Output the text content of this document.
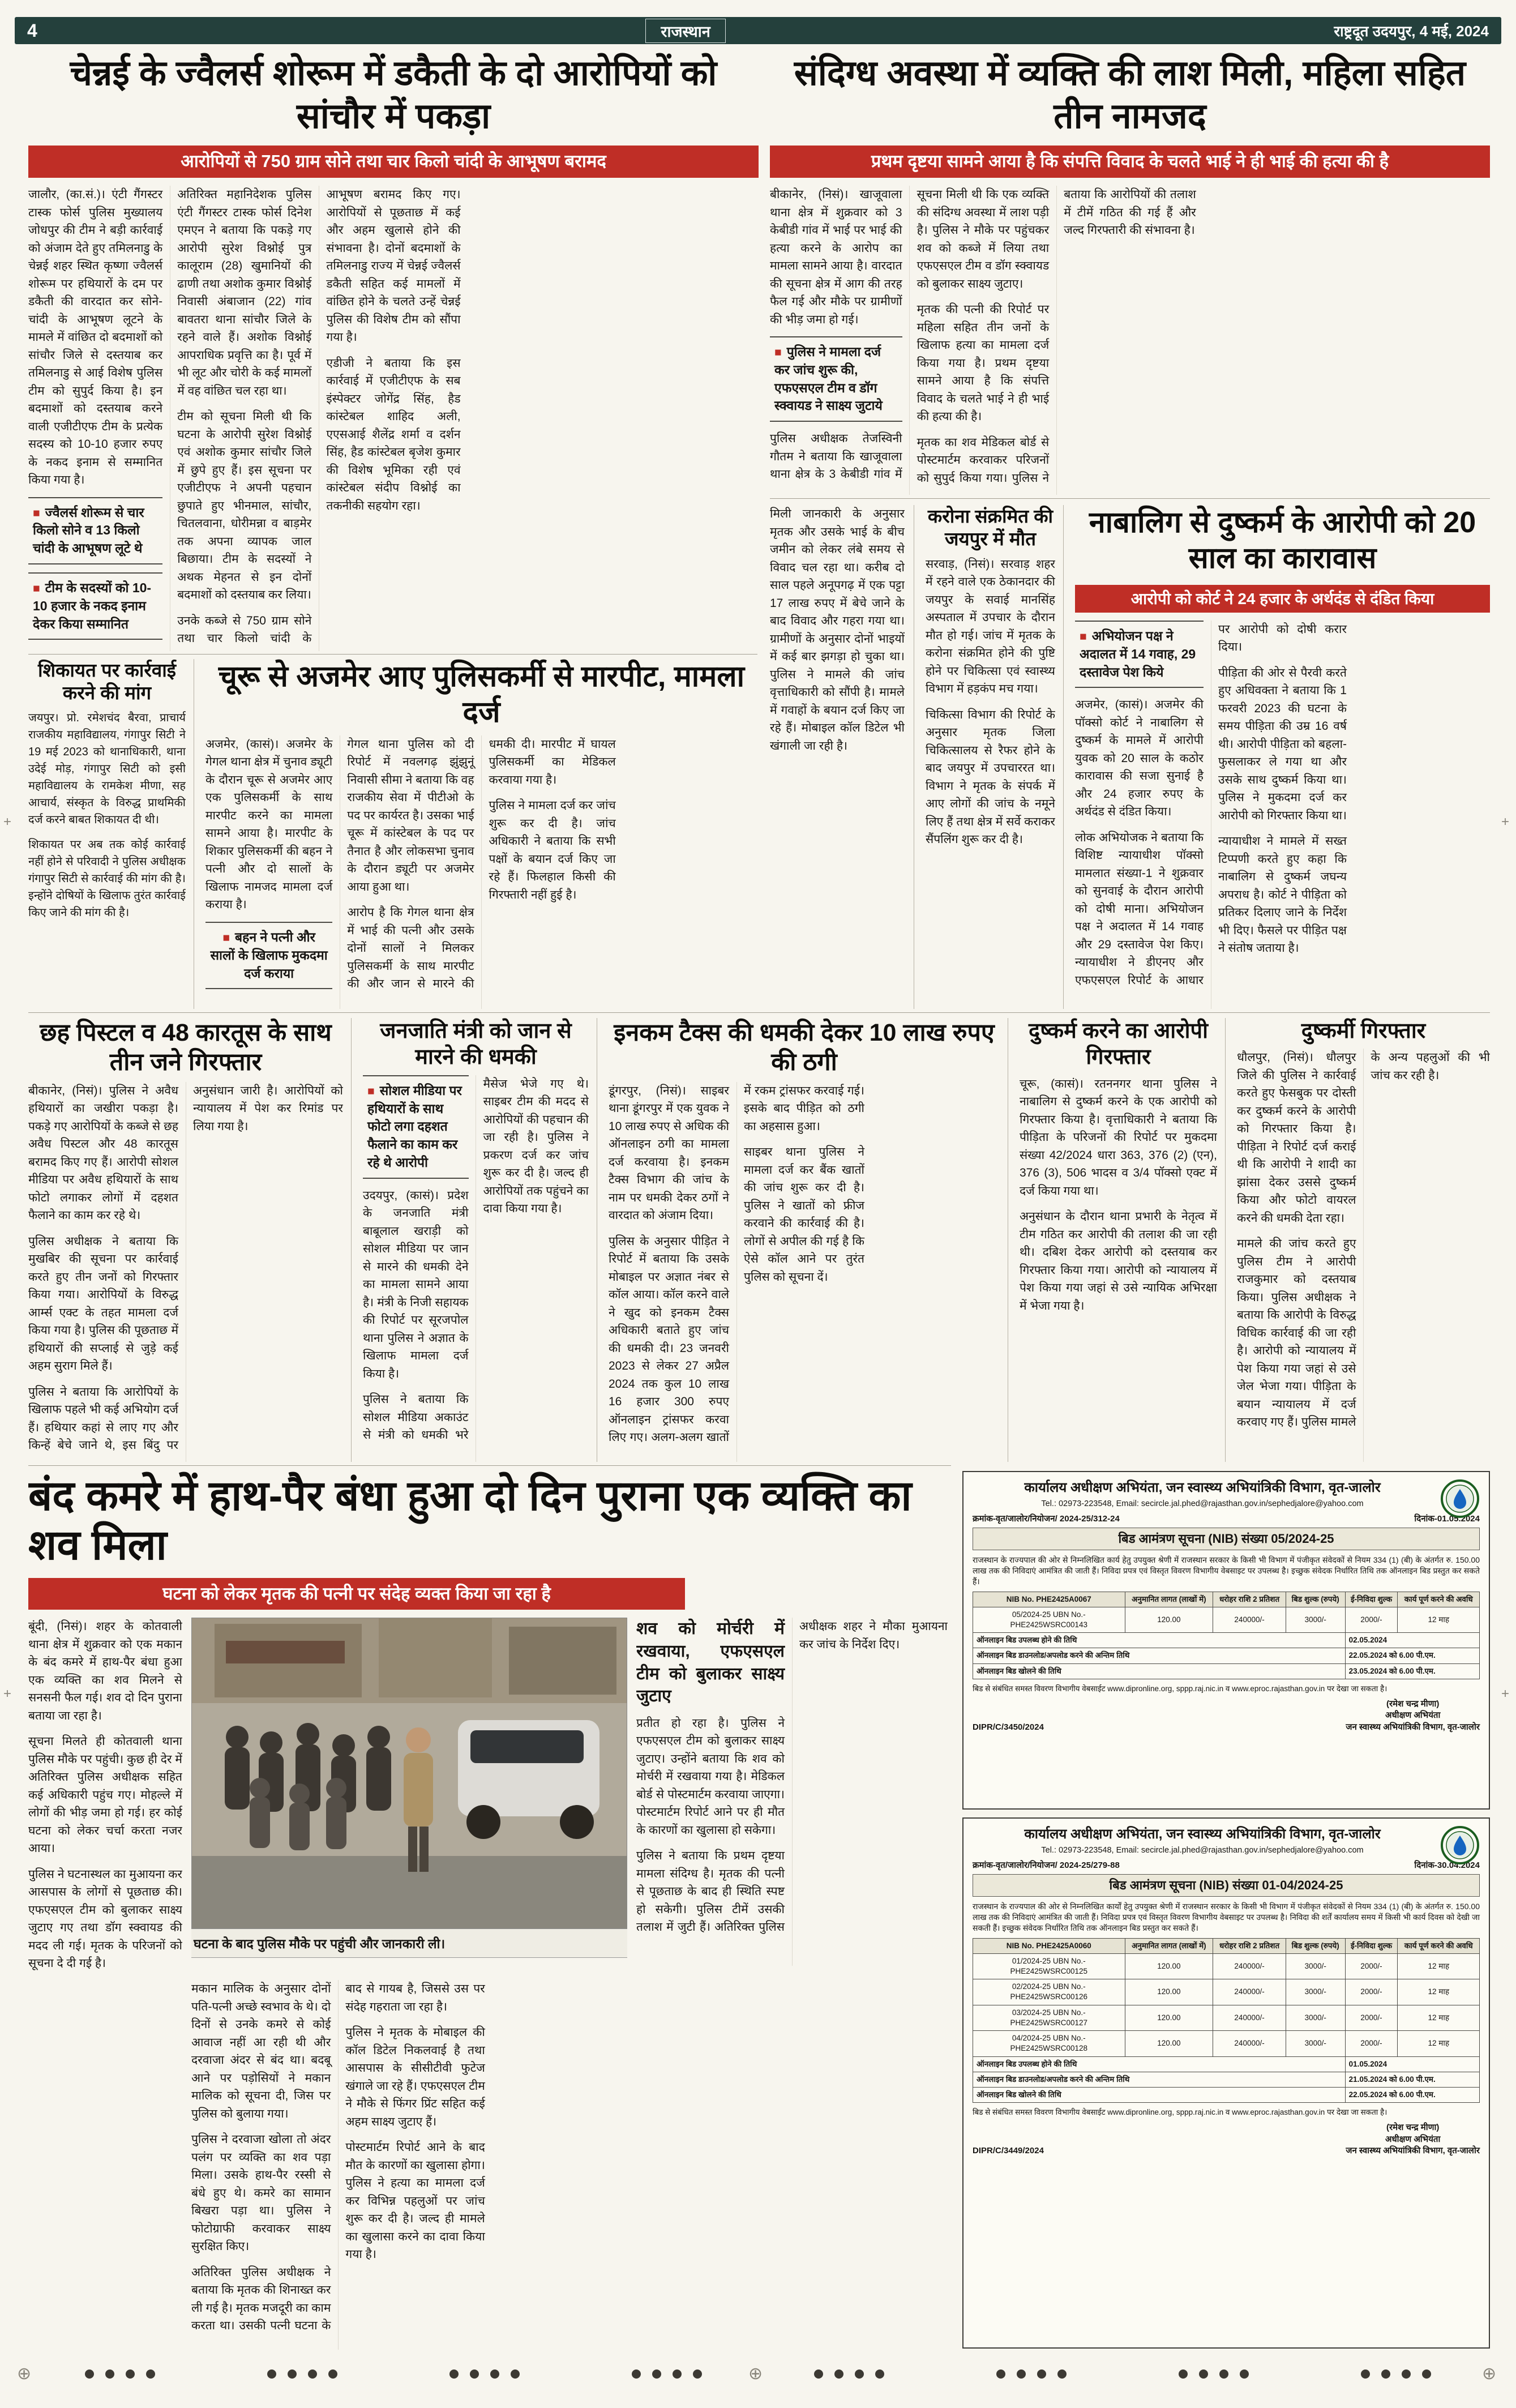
4	राजस्थान	राष्ट्रदूत उदयपुर, 4 मई, 2024
चेन्नई के ज्वैलर्स शोरूम में डकैती के दो आरोपियों को सांचौर में पकड़ा
आरोपियों से 750 ग्राम सोने तथा चार किलो चांदी के आभूषण बरामद

जालौर, (का.सं.)। एंटी गैंगस्टर टास्क फोर्स पुलिस मुख्यालय जोधपुर की टीम ने बड़ी कार्रवाई को अंजाम देते हुए तमिलनाडु के चेन्नई शहर स्थित कृष्णा ज्वैलर्स शोरूम पर हथियारों के दम पर डकैती की वारदात कर सोने-चांदी के आभूषण लूटने के मामले में वांछित दो बदमाशों को सांचौर जिले से दस्तयाब कर तमिलनाडु से आई विशेष पुलिस टीम को सुपुर्द किया है। इन बदमाशों को दस्तयाब करने वाली एजीटीएफ टीम के प्रत्येक सदस्य को 10-10 हजार रुपए के नकद इनाम से सम्मानित किया गया है।

■ ज्वैलर्स शोरूम से चार किलो सोने व 13 किलो चांदी के आभूषण लूटे थे
■ टीम के सदस्यों को 10-10 हजार के नकद इनाम देकर किया सम्मानित

अतिरिक्त महानिदेशक पुलिस एंटी गैंगस्टर टास्क फोर्स दिनेश एमएन ने बताया कि पकड़े गए आरोपी सुरेश विश्नोई पुत्र कालूराम (28) खुमानियों की ढाणी तथा अशोक कुमार विश्नोई निवासी अंबाजान (22) गांव बावतरा थाना सांचौर जिले के रहने वाले हैं। अशोक विश्नोई आपराधिक प्रवृत्ति का है। पूर्व में भी लूट और चोरी के कई मामलों में वह वांछित चल रहा था।

टीम को सूचना मिली थी कि घटना के आरोपी सुरेश विश्नोई एवं अशोक कुमार सांचौर जिले में छुपे हुए हैं। इस सूचना पर एजीटीएफ ने अपनी पहचान छुपाते हुए भीनमाल, सांचौर, चितलवाना, धोरीमन्ना व बाड़मेर तक अपना व्यापक जाल बिछाया। टीम के सदस्यों ने अथक मेहनत से इन दोनों बदमाशों को दस्तयाब कर लिया।

उनके कब्जे से 750 ग्राम सोने तथा चार किलो चांदी के आभूषण बरामद किए गए। आरोपियों से पूछताछ में कई और अहम खुलासे होने की संभावना है। दोनों बदमाशों के तमिलनाडु राज्य में चेन्नई ज्वैलर्स डकैती सहित कई मामलों में वांछित होने के चलते उन्हें चेन्नई पुलिस की विशेष टीम को सौंपा गया है।

एडीजी ने बताया कि इस कार्रवाई में एजीटीएफ के सब इंस्पेक्टर जोगेंद्र सिंह, हैड कांस्टेबल शाहिद अली, एएसआई शैलेंद्र शर्मा व दर्शन सिंह, हैड कांस्टेबल बृजेश कुमार की विशेष भूमिका रही एवं कांस्टेबल संदीप विश्नोई का तकनीकी सहयोग रहा।

संदिग्ध अवस्था में व्यक्ति की लाश मिली, महिला सहित तीन नामजद
प्रथम दृष्टया सामने आया है कि संपत्ति विवाद के चलते भाई ने ही भाई की हत्या की है

बीकानेर, (निसं)। खाजूवाला थाना क्षेत्र में शुक्रवार को 3 केबीडी गांव में भाई पर भाई की हत्या करने के आरोप का मामला सामने आया है। वारदात की सूचना क्षेत्र में आग की तरह फैल गई और मौके पर ग्रामीणों की भीड़ जमा हो गई।

■ पुलिस ने मामला दर्ज कर जांच शुरू की, एफएसएल टीम व डॉग स्क्वायड ने साक्ष्य जुटाये

पुलिस अधीक्षक तेजस्विनी गौतम ने बताया कि खाजूवाला थाना क्षेत्र के 3 केबीडी गांव में सूचना मिली थी कि एक व्यक्ति की संदिग्ध अवस्था में लाश पड़ी है। पुलिस ने मौके पर पहुंचकर शव को कब्जे में लिया तथा एफएसएल टीम व डॉग स्क्वायड को बुलाकर साक्ष्य जुटाए।

मृतक की पत्नी की रिपोर्ट पर महिला सहित तीन जनों के खिलाफ हत्या का मामला दर्ज किया गया है। प्रथम दृष्टया सामने आया है कि संपत्ति विवाद के चलते भाई ने ही भाई की हत्या की है।

मृतक का शव मेडिकल बोर्ड से पोस्टमार्टम करवाकर परिजनों को सुपुर्द किया गया। पुलिस ने बताया कि आरोपियों की तलाश में टीमें गठित की गई हैं और जल्द गिरफ्तारी की संभावना है।

मिली जानकारी के अनुसार मृतक और उसके भाई के बीच जमीन को लेकर लंबे समय से विवाद चल रहा था। करीब दो साल पहले अनूपगढ़ में एक पट्टा 17 लाख रुपए में बेचे जाने के बाद विवाद और गहरा गया था। ग्रामीणों के अनुसार दोनों भाइयों में कई बार झगड़ा हो चुका था। पुलिस ने मामले की जांच वृत्ताधिकारी को सौंपी है। मामले में गवाहों के बयान दर्ज किए जा रहे हैं। मोबाइल कॉल डिटेल भी खंगाली जा रही है।

करोना संक्रमित की जयपुर में मौत

सरवाड़, (निसं)। सरवाड़ शहर में रहने वाले एक ठेकानदार की जयपुर के सवाई मानसिंह अस्पताल में उपचार के दौरान मौत हो गई। जांच में मृतक के करोना संक्रमित होने की पुष्टि होने पर चिकित्सा एवं स्वास्थ्य विभाग में हड़कंप मच गया।

चिकित्सा विभाग की रिपोर्ट के अनुसार मृतक जिला चिकित्सालय से रैफर होने के बाद जयपुर में उपचाररत था। विभाग ने मृतक के संपर्क में आए लोगों की जांच के नमूने लिए हैं तथा क्षेत्र में सर्वे कराकर सैंपलिंग शुरू कर दी है।

नाबालिग से दुष्कर्म के आरोपी को 20 साल का कारावास
आरोपी को कोर्ट ने 24 हजार के अर्थदंड से दंडित किया
■ अभियोजन पक्ष ने अदालत में 14 गवाह, 29 दस्तावेज पेश किये

अजमेर, (कासं)। अजमेर की पॉक्सो कोर्ट ने नाबालिग से दुष्कर्म के मामले में आरोपी युवक को 20 साल के कठोर कारावास की सजा सुनाई है और 24 हजार रुपए के अर्थदंड से दंडित किया।

लोक अभियोजक ने बताया कि विशिष्ट न्यायाधीश पॉक्सो मामलात संख्या-1 ने शुक्रवार को सुनवाई के दौरान आरोपी को दोषी माना। अभियोजन पक्ष ने अदालत में 14 गवाह और 29 दस्तावेज पेश किए। न्यायाधीश ने डीएनए और एफएसएल रिपोर्ट के आधार पर आरोपी को दोषी करार दिया।

पीड़िता की ओर से पैरवी करते हुए अधिवक्ता ने बताया कि 1 फरवरी 2023 की घटना के समय पीड़िता की उम्र 16 वर्ष थी। आरोपी पीड़िता को बहला-फुसलाकर ले गया था और उसके साथ दुष्कर्म किया था। पुलिस ने मुकदमा दर्ज कर आरोपी को गिरफ्तार किया था।

न्यायाधीश ने मामले में सख्त टिप्पणी करते हुए कहा कि नाबालिग से दुष्कर्म जघन्य अपराध है। कोर्ट ने पीड़िता को प्रतिकर दिलाए जाने के निर्देश भी दिए। फैसले पर पीड़ित पक्ष ने संतोष जताया है।

शिकायत पर कार्रवाई करने की मांग

जयपुर। प्रो. रमेशचंद बैरवा, प्राचार्य राजकीय महाविद्यालय, गंगापुर सिटी ने 19 मई 2023 को थानाधिकारी, थाना उदेई मोड़, गंगापुर सिटी को इसी महाविद्यालय के रामकेश मीणा, सह आचार्य, संस्कृत के विरुद्ध प्राथमिकी दर्ज करने बाबत शिकायत दी थी।

शिकायत पर अब तक कोई कार्रवाई नहीं होने से परिवादी ने पुलिस अधीक्षक गंगापुर सिटी से कार्रवाई की मांग की है। इन्होंने दोषियों के खिलाफ तुरंत कार्रवाई किए जाने की मांग की है।

चूरू से अजमेर आए पुलिसकर्मी से मारपीट, मामला दर्ज

अजमेर, (कासं)। अजमेर के गेगल थाना क्षेत्र में चुनाव ड्यूटी के दौरान चूरू से अजमेर आए एक पुलिसकर्मी के साथ मारपीट करने का मामला सामने आया है। मारपीट के शिकार पुलिसकर्मी की बहन ने पत्नी और दो सालों के खिलाफ नामजद मामला दर्ज कराया है।

■ बहन ने पत्नी और सालों के खिलाफ मुकदमा दर्ज कराया

गेगल थाना पुलिस को दी रिपोर्ट में नवलगढ़ झुंझुनूं निवासी सीमा ने बताया कि वह राजकीय सेवा में पीटीओ के पद पर कार्यरत है। उसका भाई चूरू में कांस्टेबल के पद पर तैनात है और लोकसभा चुनाव के दौरान ड्यूटी पर अजमेर आया हुआ था।

आरोप है कि गेगल थाना क्षेत्र में भाई की पत्नी और उसके दोनों सालों ने मिलकर पुलिसकर्मी के साथ मारपीट की और जान से मारने की धमकी दी। मारपीट में घायल पुलिसकर्मी का मेडिकल करवाया गया है।

पुलिस ने मामला दर्ज कर जांच शुरू कर दी है। जांच अधिकारी ने बताया कि सभी पक्षों के बयान दर्ज किए जा रहे हैं। फिलहाल किसी की गिरफ्तारी नहीं हुई है।

छह पिस्टल व 48 कारतूस के साथ तीन जने गिरफ्तार

बीकानेर, (निसं)। पुलिस ने अवैध हथियारों का जखीरा पकड़ा है। पकड़े गए आरोपियों के कब्जे से छह अवैध पिस्टल और 48 कारतूस बरामद किए गए हैं। आरोपी सोशल मीडिया पर अवैध हथियारों के साथ फोटो लगाकर लोगों में दहशत फैलाने का काम कर रहे थे।

पुलिस अधीक्षक ने बताया कि मुखबिर की सूचना पर कार्रवाई करते हुए तीन जनों को गिरफ्तार किया गया। आरोपियों के विरुद्ध आर्म्स एक्ट के तहत मामला दर्ज किया गया है। पुलिस की पूछताछ में हथियारों की सप्लाई से जुड़े कई अहम सुराग मिले हैं।

पुलिस ने बताया कि आरोपियों के खिलाफ पहले भी कई अभियोग दर्ज हैं। हथियार कहां से लाए गए और किन्हें बेचे जाने थे, इस बिंदु पर अनुसंधान जारी है। आरोपियों को न्यायालय में पेश कर रिमांड पर लिया गया है।

जनजाति मंत्री को जान से मारने की धमकी
■ सोशल मीडिया पर हथियारों के साथ फोटो लगा दहशत फैलाने का काम कर रहे थे आरोपी

उदयपुर, (कासं)। प्रदेश के जनजाति मंत्री बाबूलाल खराड़ी को सोशल मीडिया पर जान से मारने की धमकी देने का मामला सामने आया है। मंत्री के निजी सहायक की रिपोर्ट पर सूरजपोल थाना पुलिस ने अज्ञात के खिलाफ मामला दर्ज किया है।

पुलिस ने बताया कि सोशल मीडिया अकाउंट से मंत्री को धमकी भरे मैसेज भेजे गए थे। साइबर टीम की मदद से आरोपियों की पहचान की जा रही है। पुलिस ने प्रकरण दर्ज कर जांच शुरू कर दी है। जल्द ही आरोपियों तक पहुंचने का दावा किया गया है।

इनकम टैक्स की धमकी देकर 10 लाख रुपए की ठगी

डूंगरपुर, (निसं)। साइबर थाना डूंगरपुर में एक युवक ने 10 लाख रुपए से अधिक की ऑनलाइन ठगी का मामला दर्ज करवाया है। इनकम टैक्स विभाग की जांच के नाम पर धमकी देकर ठगों ने वारदात को अंजाम दिया।

पुलिस के अनुसार पीड़ित ने रिपोर्ट में बताया कि उसके मोबाइल पर अज्ञात नंबर से कॉल आया। कॉल करने वाले ने खुद को इनकम टैक्स अधिकारी बताते हुए जांच की धमकी दी। 23 जनवरी 2023 से लेकर 27 अप्रैल 2024 तक कुल 10 लाख 16 हजार 300 रुपए ऑनलाइन ट्रांसफर करवा लिए गए। अलग-अलग खातों में रकम ट्रांसफर करवाई गई। इसके बाद पीड़ित को ठगी का अहसास हुआ।

साइबर थाना पुलिस ने मामला दर्ज कर बैंक खातों की जांच शुरू कर दी है। पुलिस ने खातों को फ्रीज करवाने की कार्रवाई की है। लोगों से अपील की गई है कि ऐसे कॉल आने पर तुरंत पुलिस को सूचना दें।

दुष्कर्म करने का आरोपी गिरफ्तार

चूरू, (कासं)। रतननगर थाना पुलिस ने नाबालिग से दुष्कर्म करने के एक आरोपी को गिरफ्तार किया है। वृत्ताधिकारी ने बताया कि पीड़िता के परिजनों की रिपोर्ट पर मुकदमा संख्या 42/2024 धारा 363, 376 (2) (एन), 376 (3), 506 भादस व 3/4 पॉक्सो एक्ट में दर्ज किया गया था।

अनुसंधान के दौरान थाना प्रभारी के नेतृत्व में टीम गठित कर आरोपी की तलाश की जा रही थी। दबिश देकर आरोपी को दस्तयाब कर गिरफ्तार किया गया। आरोपी को न्यायालय में पेश किया गया जहां से उसे न्यायिक अभिरक्षा में भेजा गया है।

दुष्कर्मी गिरफ्तार

धौलपुर, (निसं)। धौलपुर जिले की पुलिस ने कार्रवाई करते हुए फेसबुक पर दोस्ती कर दुष्कर्म करने के आरोपी को गिरफ्तार किया है। पीड़िता ने रिपोर्ट दर्ज कराई थी कि आरोपी ने शादी का झांसा देकर उससे दुष्कर्म किया और फोटो वायरल करने की धमकी देता रहा।

मामले की जांच करते हुए पुलिस टीम ने आरोपी राजकुमार को दस्तयाब किया। पुलिस अधीक्षक ने बताया कि आरोपी के विरुद्ध विधिक कार्रवाई की जा रही है। आरोपी को न्यायालय में पेश किया गया जहां से उसे जेल भेजा गया। पीड़िता के बयान न्यायालय में दर्ज करवाए गए हैं। पुलिस मामले के अन्य पहलुओं की भी जांच कर रही है।

बंद कमरे में हाथ-पैर बंधा हुआ दो दिन पुराना एक व्यक्ति का शव मिला
घटना को लेकर मृतक की पत्नी पर संदेह व्यक्त किया जा रहा है

बूंदी, (निसं)। शहर के कोतवाली थाना क्षेत्र में शुक्रवार को एक मकान के बंद कमरे में हाथ-पैर बंधा हुआ एक व्यक्ति का शव मिलने से सनसनी फैल गई। शव दो दिन पुराना बताया जा रहा है।

सूचना मिलते ही कोतवाली थाना पुलिस मौके पर पहुंची। कुछ ही देर में अतिरिक्त पुलिस अधीक्षक सहित कई अधिकारी पहुंच गए। मोहल्ले में लोगों की भीड़ जमा हो गई। हर कोई घटना को लेकर चर्चा करता नजर आया।

पुलिस ने घटनास्थल का मुआयना कर आसपास के लोगों से पूछताछ की। एफएसएल टीम को बुलाकर साक्ष्य जुटाए गए तथा डॉग स्क्वायड की मदद ली गई। मृतक के परिजनों को सूचना दे दी गई है।

घटना के बाद पुलिस मौके पर पहुंची और जानकारी ली।
शव को मोर्चरी में रखवाया, एफएसएल टीम को बुलाकर साक्ष्य जुटाए

प्रतीत हो रहा है। पुलिस ने एफएसएल टीम को बुलाकर साक्ष्य जुटाए। उन्होंने बताया कि शव को मोर्चरी में रखवाया गया है। मेडिकल बोर्ड से पोस्टमार्टम करवाया जाएगा। पोस्टमार्टम रिपोर्ट आने पर ही मौत के कारणों का खुलासा हो सकेगा।

पुलिस ने बताया कि प्रथम दृष्टया मामला संदिग्ध है। मृतक की पत्नी से पूछताछ के बाद ही स्थिति स्पष्ट हो सकेगी। पुलिस टीमें उसकी तलाश में जुटी हैं। अतिरिक्त पुलिस अधीक्षक शहर ने मौका मुआयना कर जांच के निर्देश दिए।

मकान मालिक के अनुसार दोनों पति-पत्नी अच्छे स्वभाव के थे। दो दिनों से उनके कमरे से कोई आवाज नहीं आ रही थी और दरवाजा अंदर से बंद था। बदबू आने पर पड़ोसियों ने मकान मालिक को सूचना दी, जिस पर पुलिस को बुलाया गया।

पुलिस ने दरवाजा खोला तो अंदर पलंग पर व्यक्ति का शव पड़ा मिला। उसके हाथ-पैर रस्सी से बंधे हुए थे। कमरे का सामान बिखरा पड़ा था। पुलिस ने फोटोग्राफी करवाकर साक्ष्य सुरक्षित किए।

अतिरिक्त पुलिस अधीक्षक ने बताया कि मृतक की शिनाख्त कर ली गई है। मृतक मजदूरी का काम करता था। उसकी पत्नी घटना के बाद से गायब है, जिससे उस पर संदेह गहराता जा रहा है।

पुलिस ने मृतक के मोबाइल की कॉल डिटेल निकलवाई है तथा आसपास के सीसीटीवी फुटेज खंगाले जा रहे हैं। एफएसएल टीम ने मौके से फिंगर प्रिंट सहित कई अहम साक्ष्य जुटाए हैं।

पोस्टमार्टम रिपोर्ट आने के बाद मौत के कारणों का खुलासा होगा। पुलिस ने हत्या का मामला दर्ज कर विभिन्न पहलुओं पर जांच शुरू कर दी है। जल्द ही मामले का खुलासा करने का दावा किया गया है।

कार्यालय अधीक्षण अभियंता, जन स्वास्थ्य अभियांत्रिकी विभाग, वृत-जालोर
Tel.: 02973-223548, Email: secircle.jal.phed@rajasthan.gov.in/sephedjalore@yahoo.com
क्रमांक-वृत/जालोर/नियोजन/ 2024-25/312-24	दिनांक-01.05.2024
बिड आमंत्रण सूचना (NIB) संख्या 05/2024-25

राजस्थान के राज्यपाल की ओर से निम्नलिखित कार्य हेतु उपयुक्त श्रेणी में राजस्थान सरकार के किसी भी विभाग में पंजीकृत संवेदकों से नियम 334 (1) (बी) के अंतर्गत रु. 150.00 लाख तक की निविदाएं आमंत्रित की जाती हैं। निविदा प्रपत्र एवं विस्तृत विवरण विभागीय वेबसाइट पर उपलब्ध है। इच्छुक संवेदक निर्धारित तिथि तक ऑनलाइन बिड प्रस्तुत कर सकते हैं।

NIB No. PHE2425A0067	अनुमानित लागत (लाखों में)	धरोहर राशि 2 प्रतिशत	बिड शुल्क (रुपये)	ई-निविदा शुल्क	कार्य पूर्ण करने की अवधि
05/2024-25 UBN No.- PHE2425WSRC00143	120.00	240000/-	3000/-	2000/-	12 माह
ऑनलाइन बिड उपलब्ध होने की तिथि				02.05.2024	
ऑनलाइन बिड डाउनलोड/अपलोड करने की अन्तिम तिथि				22.05.2024 को 6.00 पी.एम.	
ऑनलाइन बिड खोलने की तिथि				23.05.2024 को 6.00 पी.एम.	

बिड से संबंधित समस्त विवरण विभागीय वेबसाईट www.dipronline.org, sppp.raj.nic.in व www.eproc.rajasthan.gov.in पर देखा जा सकता है।

DIPR/C/3450/2024
(रमेश चन्द्र मीणा)
अधीक्षण अभियंता
जन स्वास्थ्य अभियांत्रिकी विभाग, वृत-जालोर
कार्यालय अधीक्षण अभियंता, जन स्वास्थ्य अभियांत्रिकी विभाग, वृत-जालोर
Tel.: 02973-223548, Email: secircle.jal.phed@rajasthan.gov.in/sephedjalore@yahoo.com
क्रमांक-वृत/जालोर/नियोजन/ 2024-25/279-88	दिनांक-30.04.2024
बिड आमंत्रण सूचना (NIB) संख्या 01-04/2024-25

राजस्थान के राज्यपाल की ओर से निम्नलिखित कार्यों हेतु उपयुक्त श्रेणी में राजस्थान सरकार के किसी भी विभाग में पंजीकृत संवेदकों से नियम 334 (1) (बी) के अंतर्गत रु. 150.00 लाख तक की निविदाएं आमंत्रित की जाती हैं। निविदा प्रपत्र एवं विस्तृत विवरण विभागीय वेबसाइट पर उपलब्ध है। निविदा की शर्तें कार्यालय समय में किसी भी कार्य दिवस को देखी जा सकती हैं। इच्छुक संवेदक निर्धारित तिथि तक ऑनलाइन बिड प्रस्तुत कर सकते हैं।

NIB No. PHE2425A0060	अनुमानित लागत (लाखों में)	धरोहर राशि 2 प्रतिशत	बिड शुल्क (रुपये)	ई-निविदा शुल्क	कार्य पूर्ण करने की अवधि
01/2024-25 UBN No.- PHE2425WSRC00125	120.00	240000/-	3000/-	2000/-	12 माह
02/2024-25 UBN No.- PHE2425WSRC00126	120.00	240000/-	3000/-	2000/-	12 माह
03/2024-25 UBN No.- PHE2425WSRC00127	120.00	240000/-	3000/-	2000/-	12 माह
04/2024-25 UBN No.- PHE2425WSRC00128	120.00	240000/-	3000/-	2000/-	12 माह
ऑनलाइन बिड उपलब्ध होने की तिथि				01.05.2024	
ऑनलाइन बिड डाउनलोड/अपलोड करने की अन्तिम तिथि				21.05.2024 को 6.00 पी.एम.	
ऑनलाइन बिड खोलने की तिथि				22.05.2024 को 6.00 पी.एम.	

बिड से संबंधित समस्त विवरण विभागीय वेबसाईट www.dipronline.org, sppp.raj.nic.in व www.eproc.rajasthan.gov.in पर देखा जा सकता है।

DIPR/C/3449/2024
(रमेश चन्द्र मीणा)
अधीक्षण अभियंता
जन स्वास्थ्य अभियांत्रिकी विभाग, वृत-जालोर
⊕	⊕	⊕
+	+
+	+
